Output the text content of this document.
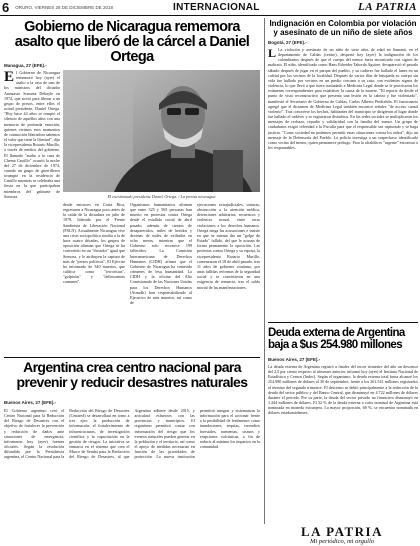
6 ORURO, VIERNES 28 DE DICIEMBRE DE 2018	INTERNACIONAL	LA PATRIA
Gobierno de Nicaragua rememora asalto que liberó de la cárcel a Daniel Ortega
Managua, 27 (EFE).-
El Gobierno de Nicaragua rememoró hoy (ayer) el asalto a la casa de uno de los ministros del dictador Anastasio Somoza Debayle en 1974, que sirvió para liberar a un grupo de presos, entre ellos el actual presidente, Daniel Ortega. "Hoy hace 44 años se rompió el silencio de aquellos años con una memoria de profunda emoción, quienes vivimos esos momentos de conmoción liberadora sabemos el valor que tiene la libertad", dijo la vicepresidenta Rosario Murillo, a través de medios del gobierno. El llamado "asalto a la casa de Chema Castillo" ocurrió la noche del 27 de diciembre de 1974, cuando un grupo de guerrilleros irrumpió en la residencia de Castillo mientras se celebraba una fiesta en la que participaban miembros del gabinete de Somoza.	El cuestionado presidente Daniel Ortega. / La prensa nicaragua
desde entonces en Costa Rica, regresaron a Nicaragua poco antes de la caída de la dictadura en julio de 1979, liderada por el Frente Sandinista de Liberación Nacional (FSLN). Actualmente Nicaragua vive una crisis sociopolítica similar a la de hace cuatro décadas, los grupos de oposición afirman que Ortega se ha convertido en un "dictador" igual que Somoza, y le atribuyen la captura de más de "presos políticos". El Ejército ha informado de 340 muertos, que califica como "terroristas", "golpistas" y "delincuentes comunes".
Organismos humanitarios afirman que entre 325 y 565 personas han muerto en protestas contra Ortega desde el estallido social de abril pasado, además de cientos de desaparecidos, miles de heridos y decenas de miles de exiliados en ocho meses, mientras que el Gobierno solo reconoce 199 fallecidos. La Comisión Interamericana de Derechos Humanos (CIDH) afirma que el Gobierno de Nicaragua ha cometido crímenes de lesa humanidad. La CIDH y la oficina del Alto Comisionado de las Naciones Unidas para los Derechos Humanos (Acnudh) han responsabilizado al Ejecutivo de más muertos, así como de
ejecuciones extrajudiciales, torturas, obstrucción a la atención médica, detenciones arbitrarias, secuestros y violencia sexual, entre otras violaciones a los derechos humanos. Ortega niega las acusaciones e insiste en que se intenta dar un "golpe de Estado" fallido, del que le acusan de forma permanente la oposición. Las protestas contra Ortega y su esposa, la vicepresidenta Rosario Murillo, comenzaron el 18 de abril pasado, tras 11 años de gobierno continuo, por unas fallidas reformas de la seguridad social y se convirtieron en una exigencia de renuncia, tras el saldo mortal de las manifestaciones.
Indignación en Colombia por violación y asesinato de un niño de siete años
Bogotá, 27 (EFE).-
L La violación y asesinato de un niño de siete años de edad en Samaná, en el departamento de Caldas (centro), despertó hoy (ayer) la indignación de los colombianos después de que el cuerpo del menor fuera encontrado con signos de maltrato. El niño, identificado como Hans Esbeider Taborda Aguirre, desapareció el pasado sábado después de jugar en el parque del pueblo, y su cadáver fue hallado el lunes en un cafetal por los vecinos de la localidad. Después de varios días de búsqueda su cuerpo sin vida fue hallado por vecinos en un predio cercano a su casa, con evidentes signos de violencia, lo que llevó a que fuera trasladado a Medicina Legal donde se le practicaron los exámenes correspondientes para establecer la causa de la muerte. "El reporte da desde el punto de vista reconstructivo que presenta una lesión en la cabeza y fue violentado", manifestó el Secretario de Gobierno de Caldas, Carlos Alberto Piedrahíta. El funcionario agregó que el dictamen de Medicina Legal también encontró señales "de acceso carnal violento". Tras conocerse los hechos, habitantes del municipio se dirigieron al lugar donde fue hallado el cadáver y se registraron disturbios. En las redes sociales se multiplicaron los mensajes de rechazo, repudio y solidaridad con la familia del menor. Un grupo de ciudadanos exigió celeridad a la Fiscalía para que el responsable sea capturado y se haga justicia. "Como sociedad no podemos permitir estas situaciones contra los niños", dijo un mensaje de la Defensoría del Pueblo. La policía investiga a un sospechoso identificado como vecino del menor, quien permanece prófugo. Para la alcaldía es "urgente" encontrar a los responsables.
Deuda externa de Argentina baja a $us 254.980 millones
Buenos Aires, 27 (EFE).-
La deuda externa de Argentina registró a finales del tercer trimestre del año un descenso del 2,5 por ciento respecto al trimestre anterior, informó hoy (ayer) el Instituto Nacional de Estadística y Censos (Indec). Según el organismo, la deuda externa total bruta alcanzó los 254.980 millones de dólares al 30 de septiembre, frente a los 261.541 millones registrados al término del segundo trimestre. El descenso se debió principalmente a la reducción de la deuda del sector público y del Banco Central, que disminuyó en 4.722 millones de dólares durante el periodo. Por su parte, la deuda del sector privado no financiero disminuyó en 1.244 millones de dólares. El 32 % de la deuda externa a valor nominal de Argentina está nominada en moneda extranjera. La mayor proporción, 68 %, se encuentra nominada en dólares estadounidenses.
Argentina crea centro nacional para prevenir y reducir desastres naturales
Buenos Aires, 27 (EFE).-
El Gobierno argentino creó el Centro Nacional para la Reducción del Riesgo de Desastres con el objetivo de fortalecer la prevención y reducción de daños ante situaciones de emergencia, informaron hoy (ayer) fuentes oficiales. Según la resolución difundida por la Presidencia argentina, el Centro Nacional para la Reducción del Riesgo de Desastres (Cenared) se desarrollará en torno a tres ejes: la producción de información, el fortalecimiento de infraestructuras, de investigación científica y la capacitación en la gestión de riesgos. La iniciativa se enmarca en el sistema que crea el Marco de Sendai para la Reducción del Riesgo de Desastres, al que Argentina adhiere desde 2015, y articulará esfuerzos con las provincias y municipios. El organismo permitirá contar con información del riesgo que los eventos naturales pueden generar en la población y el territorio, así como el apoyo de medidas necesarias en función de las prioridades de protección. La nueva institución permitirá integrar y sistematizar la información para el accionar frente a la posibilidad de fenómenos como inundaciones, sequías, incendios forestales, tormentas, sismos y erupciones volcánicas, a fin de reducir al mínimo los impactos en la comunidad.
LA PATRIA
Mi periódico, mi orgullo
